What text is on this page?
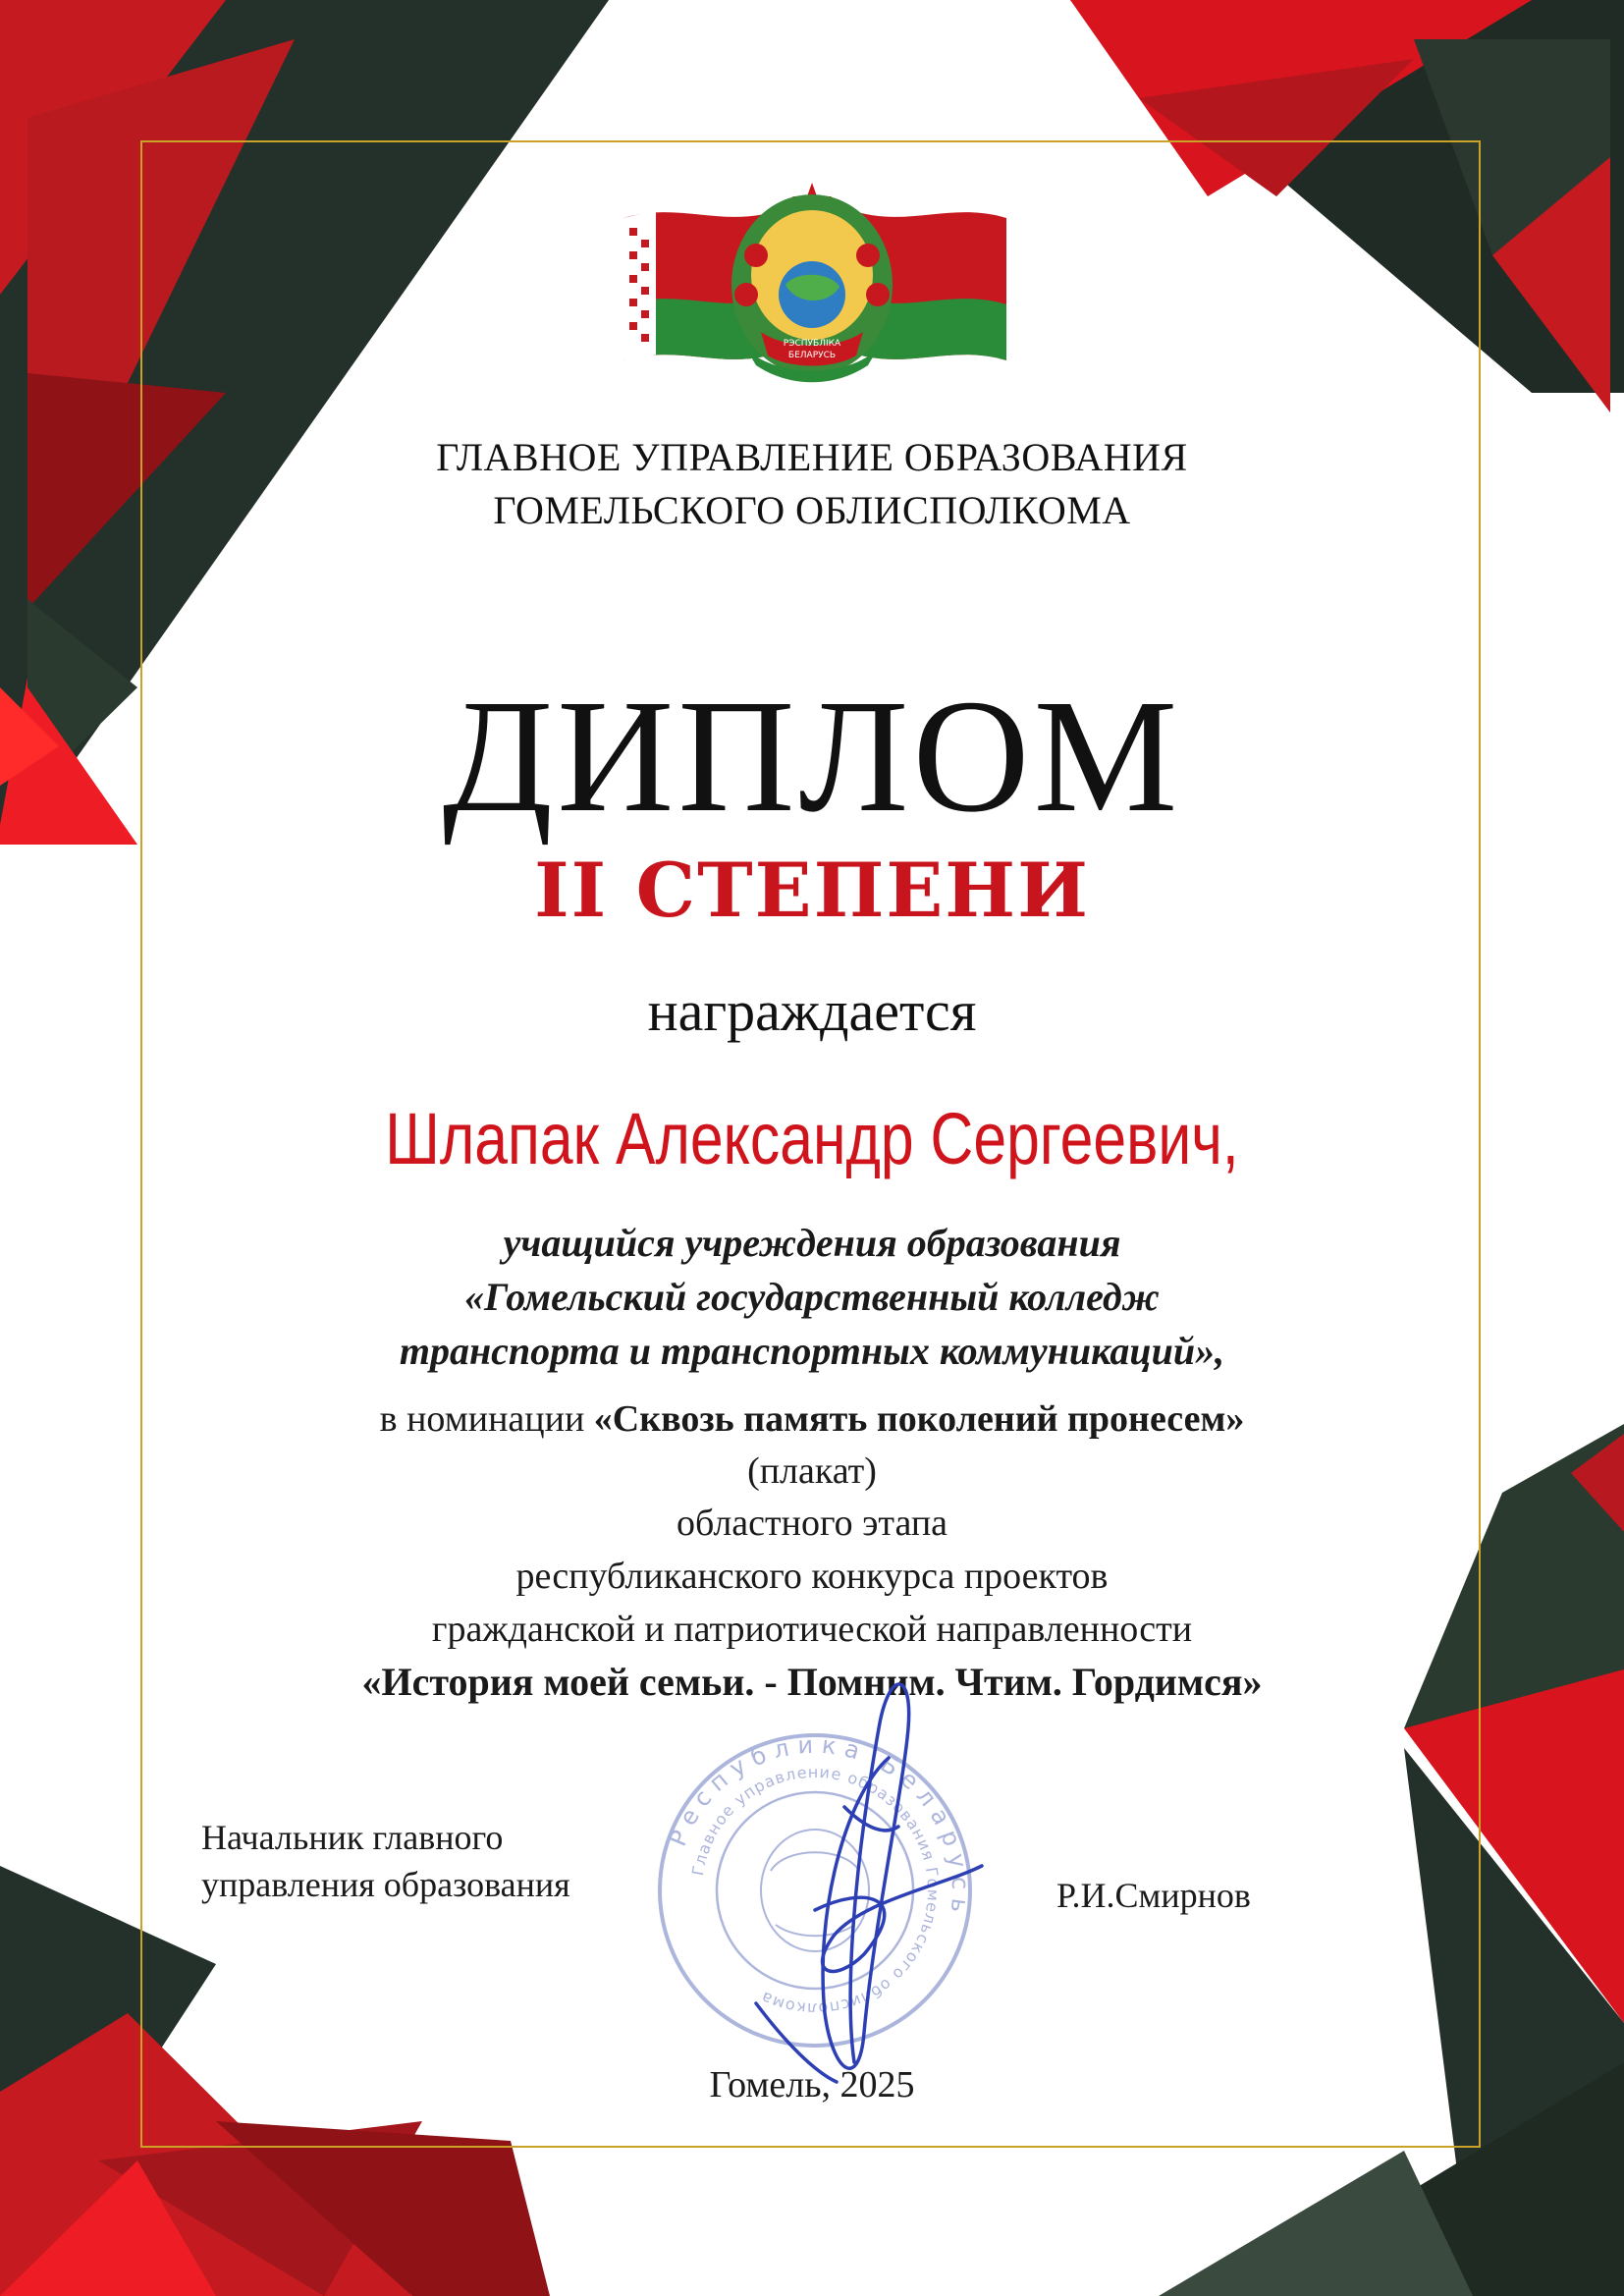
РЭСПУБЛІКА
БЕЛАРУСЬ

ГЛАВНОЕ УПРАВЛЕНИЕ ОБРАЗОВАНИЯ

ГОМЕЛЬСКОГО ОБЛИСПОЛКОМА

ДИПЛОМ

II СТЕПЕНИ

награждается

Шлапак Александр Сергеевич,

учащийся учреждения образования

«Гомельский государственный колледж

транспорта и транспортных коммуникаций»,

в номинации «Сквозь память поколений пронесем»

(плакат)

областного этапа

республиканского конкурса проектов

гражданской и патриотической направленности

«История моей семьи. - Помним. Чтим. Гордимся»

Начальник главного

управления образования	Р.И.Смирнов

Гомель, 2025

Республика Беларусь
Главное управление образования Гомельского облисполкома
